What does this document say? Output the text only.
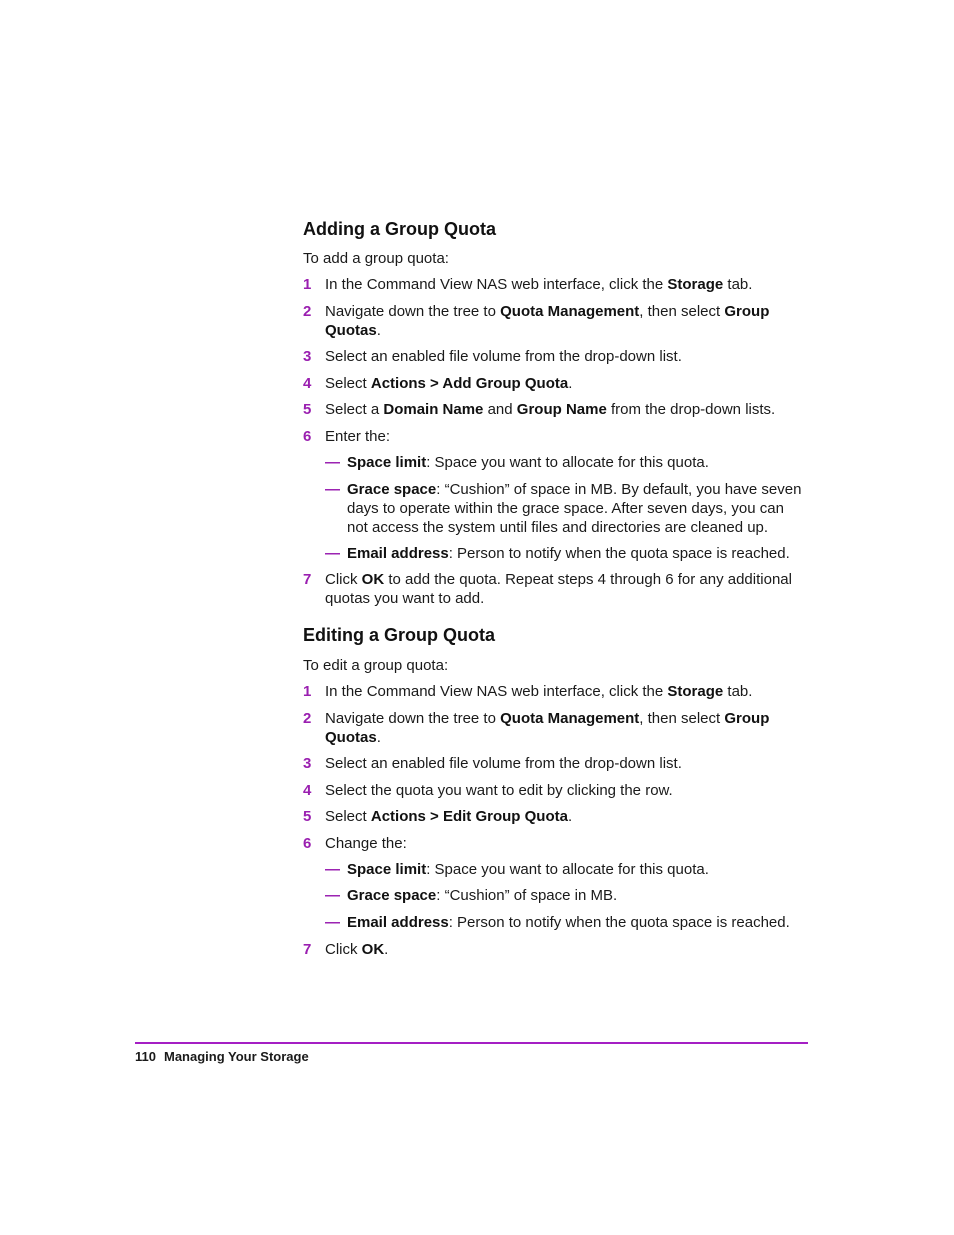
Adding a Group Quota

To add a group quota:

1 In the Command View NAS web interface, click the Storage tab.
2 Navigate down the tree to Quota Management, then select Group Quotas.
3 Select an enabled file volume from the drop-down list.
4 Select Actions > Add Group Quota.
5 Select a Domain Name and Group Name from the drop-down lists.
6 Enter the:
— Space limit: Space you want to allocate for this quota.
— Grace space: “Cushion” of space in MB. By default, you have seven days to operate within the grace space. After seven days, you can not access the system until files and directories are cleaned up.
— Email address: Person to notify when the quota space is reached.
7 Click OK to add the quota. Repeat steps 4 through 6 for any additional quotas you want to add.
Editing a Group Quota

To edit a group quota:

1 In the Command View NAS web interface, click the Storage tab.
2 Navigate down the tree to Quota Management, then select Group Quotas.
3 Select an enabled file volume from the drop-down list.
4 Select the quota you want to edit by clicking the row.
5 Select Actions > Edit Group Quota.
6 Change the:
— Space limit: Space you want to allocate for this quota.
— Grace space: “Cushion” of space in MB.
— Email address: Person to notify when the quota space is reached.
7 Click OK.
110 Managing Your Storage
